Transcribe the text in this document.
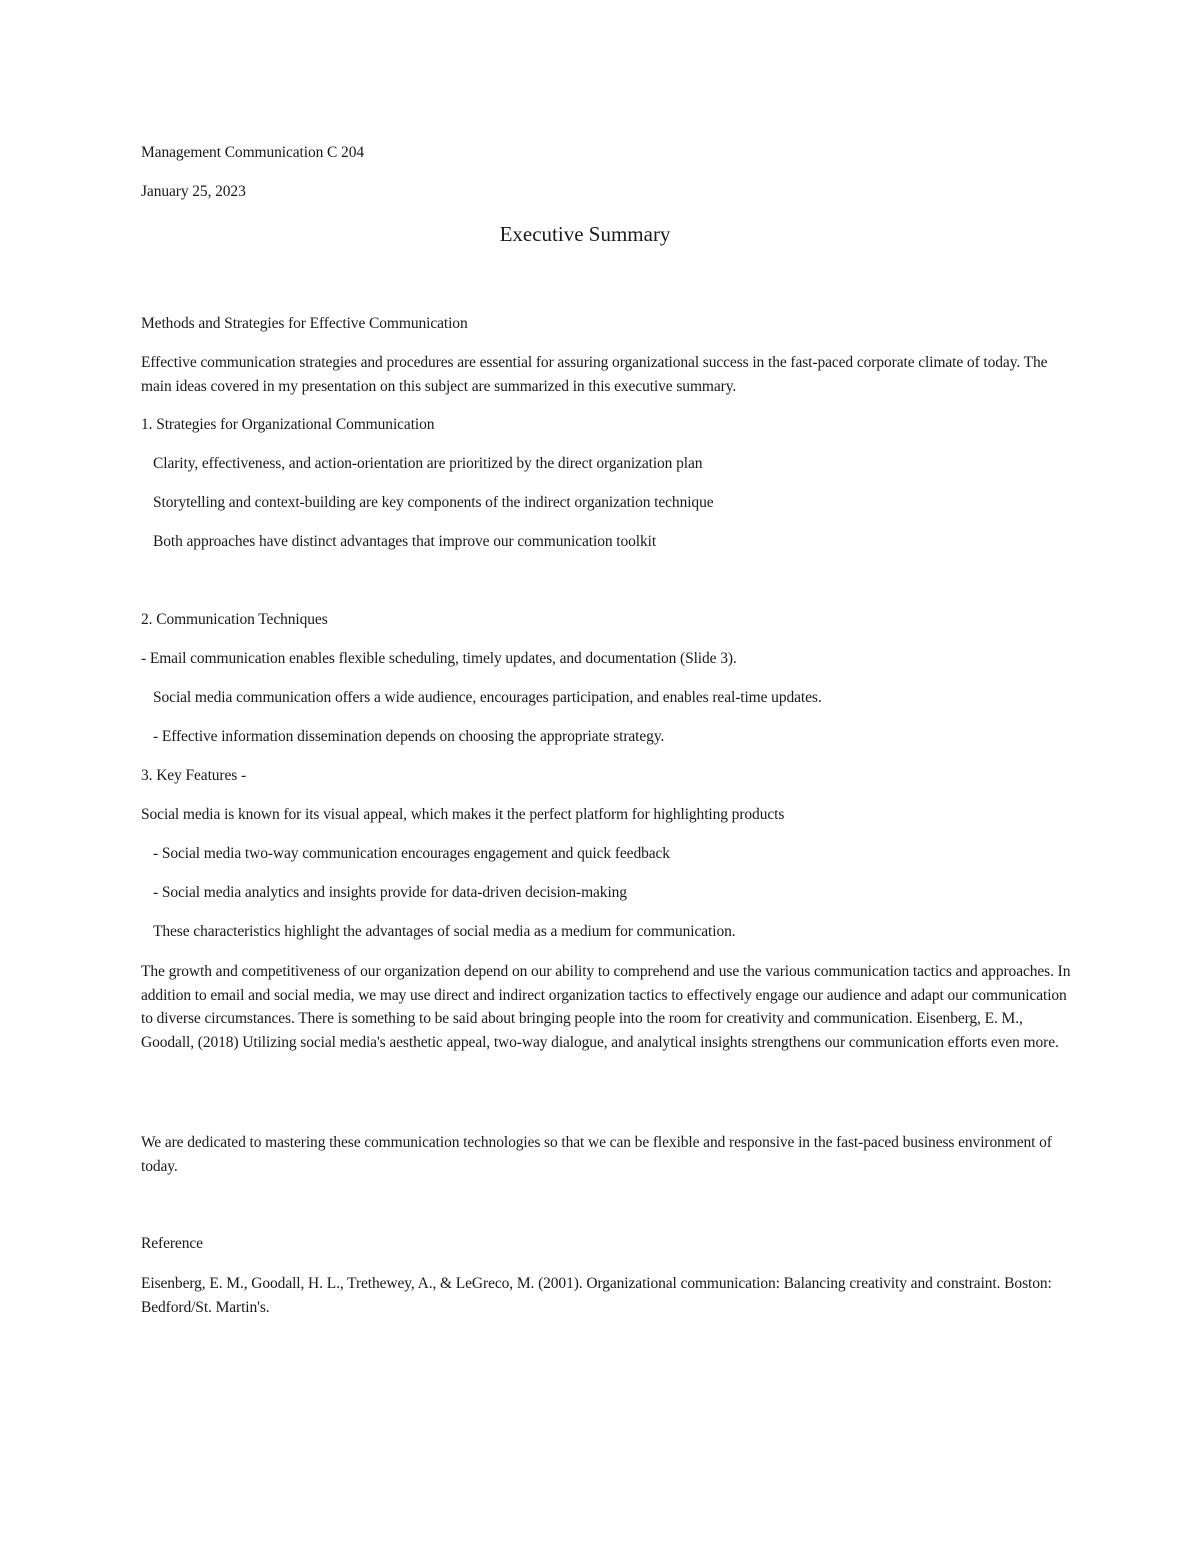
Management Communication C 204
January 25, 2023
Executive Summary
Methods and Strategies for Effective Communication
Effective communication strategies and procedures are essential for assuring organizational success in the fast-paced corporate climate of today. The main ideas covered in my presentation on this subject are summarized in this executive summary.
1. Strategies for Organizational Communication
Clarity, effectiveness, and action-orientation are prioritized by the direct organization plan
Storytelling and context-building are key components of the indirect organization technique
Both approaches have distinct advantages that improve our communication toolkit
2. Communication Techniques
- Email communication enables flexible scheduling, timely updates, and documentation (Slide 3).
Social media communication offers a wide audience, encourages participation, and enables real-time updates.
- Effective information dissemination depends on choosing the appropriate strategy.
3. Key Features -
Social media is known for its visual appeal, which makes it the perfect platform for highlighting products
- Social media two-way communication encourages engagement and quick feedback
- Social media analytics and insights provide for data-driven decision-making
These characteristics highlight the advantages of social media as a medium for communication.
The growth and competitiveness of our organization depend on our ability to comprehend and use the various communication tactics and approaches. In addition to email and social media, we may use direct and indirect organization tactics to effectively engage our audience and adapt our communication to diverse circumstances. There is something to be said about bringing people into the room for creativity and communication. Eisenberg, E. M., Goodall, (2018) Utilizing social media's aesthetic appeal, two-way dialogue, and analytical insights strengthens our communication efforts even more.
We are dedicated to mastering these communication technologies so that we can be flexible and responsive in the fast-paced business environment of today.
Reference
Eisenberg, E. M., Goodall, H. L., Trethewey, A., & LeGreco, M. (2001). Organizational communication: Balancing creativity and constraint. Boston: Bedford/St. Martin's.
